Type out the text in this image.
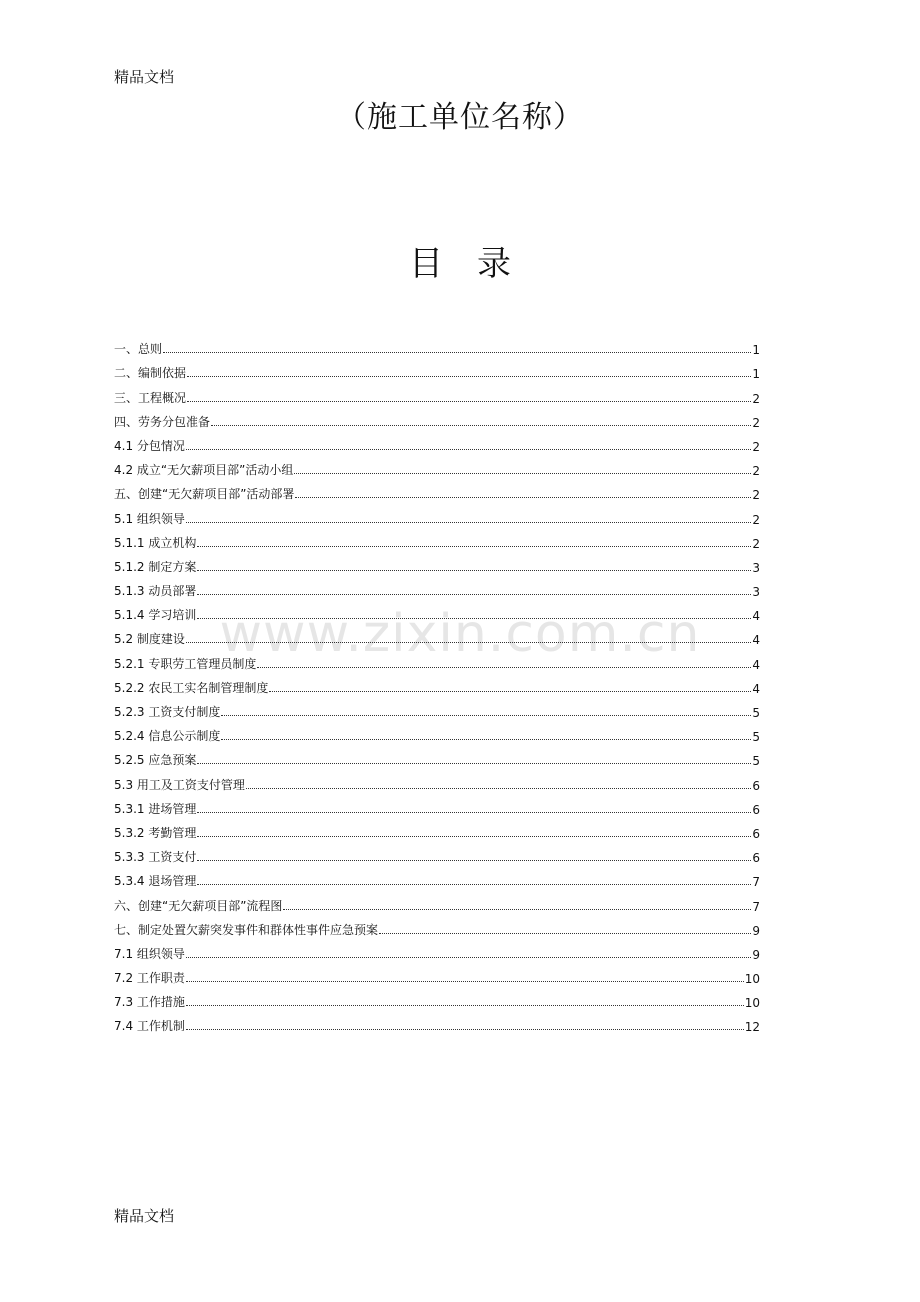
精品文档
（施工单位名称）
目录
www.zixin.com.cn
一、总则	1
二、编制依据	1
三、工程概况	2
四、劳务分包准备	2
4.1 分包情况	2
4.2 成立“无欠薪项目部”活动小组	2
五、创建“无欠薪项目部”活动部署	2
5.1 组织领导	2
5.1.1 成立机构	2
5.1.2 制定方案	3
5.1.3 动员部署	3
5.1.4 学习培训	4
5.2 制度建设	4
5.2.1 专职劳工管理员制度	4
5.2.2 农民工实名制管理制度	4
5.2.3 工资支付制度	5
5.2.4 信息公示制度	5
5.2.5 应急预案	5
5.3 用工及工资支付管理	6
5.3.1 进场管理	6
5.3.2 考勤管理	6
5.3.3 工资支付	6
5.3.4 退场管理	7
六、创建“无欠薪项目部”流程图	7
七、制定处置欠薪突发事件和群体性事件应急预案	9
7.1 组织领导	9
7.2 工作职责	10
7.3 工作措施	10
7.4 工作机制	12
精品文档
